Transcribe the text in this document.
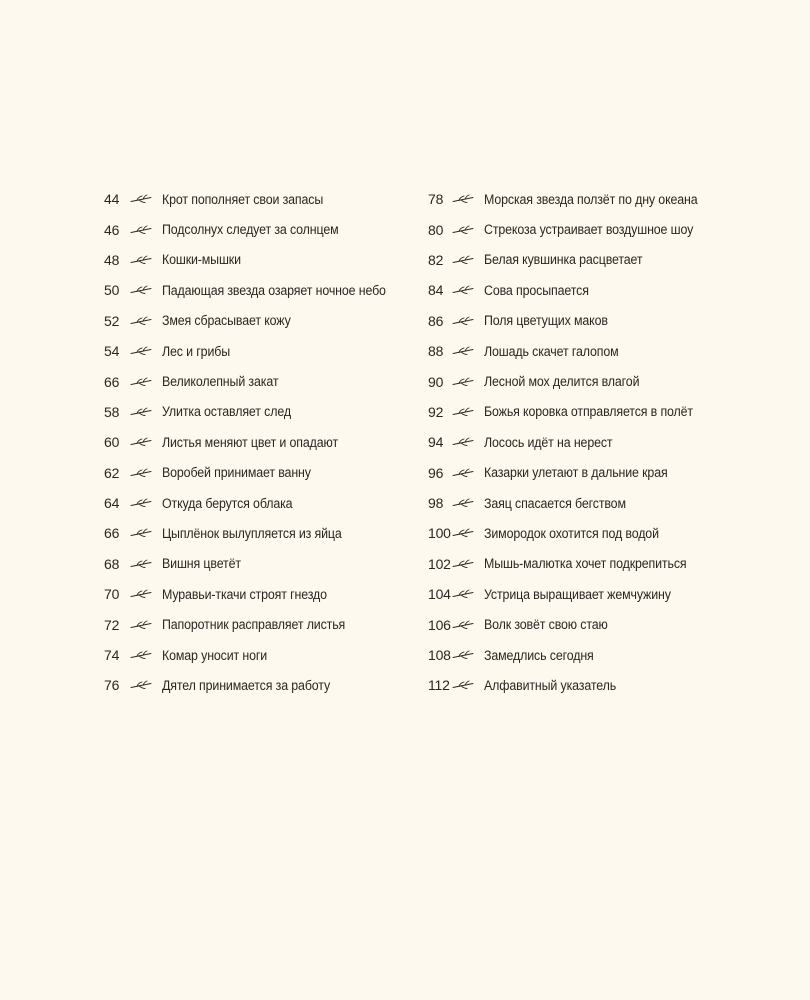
44	Крот пополняет свои запасы
46	Подсолнух следует за солнцем
48	Кошки-мышки
50	Падающая звезда озаряет ночное небо
52	Змея сбрасывает кожу
54	Лес и грибы
66	Великолепный закат
58	Улитка оставляет след
60	Листья меняют цвет и опадают
62	Воробей принимает ванну
64	Откуда берутся облака
66	Цыплёнок вылупляется из яйца
68	Вишня цветёт
70	Муравьи-ткачи строят гнездо
72	Папоротник расправляет листья
74	Комар уносит ноги
76	Дятел принимается за работу
78	Морская звезда ползёт по дну океана
80	Стрекоза устраивает воздушное шоу
82	Белая кувшинка расцветает
84	Сова просыпается
86	Поля цветущих маков
88	Лошадь скачет галопом
90	Лесной мох делится влагой
92	Божья коровка отправляется в полёт
94	Лосось идёт на нерест
96	Казарки улетают в дальние края
98	Заяц спасается бегством
100 Зимородок охотится под водой
102 Мышь-малютка хочет подкрепиться
104 Устрица выращивает жемчужину
106 Волк зовёт свою стаю
108 Замедлись сегодня
112	Алфавитный указатель
